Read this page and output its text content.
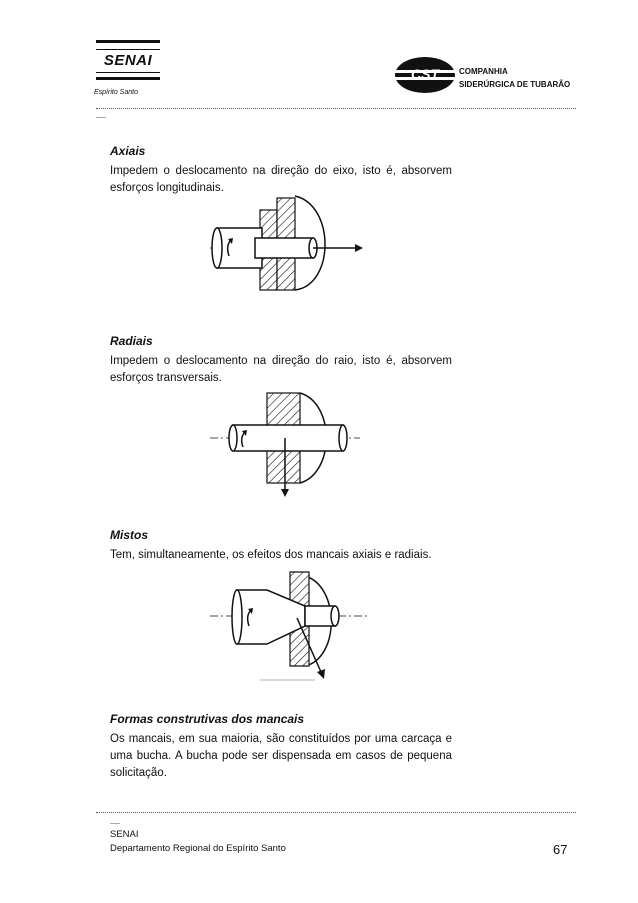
SENAI
Espírito Santo
CST	COMPANHIA
SIDERÚRGICA DE TUBARÃO
___
Axiais
Impedem o deslocamento na direção do eixo, isto é, absorvem esforços longitudinais.
Radiais
Impedem o deslocamento na direção do raio, isto é, absorvem esforços transversais.
Mistos
Tem, simultaneamente, os efeitos dos mancais axiais e radiais.
Formas construtivas dos mancais
Os mancais, em sua maioria, são constituídos por uma carcaça e uma bucha. A bucha pode ser dispensada em casos de pequena solicitação.
___
SENAI
Departamento Regional do Espírito Santo	67
